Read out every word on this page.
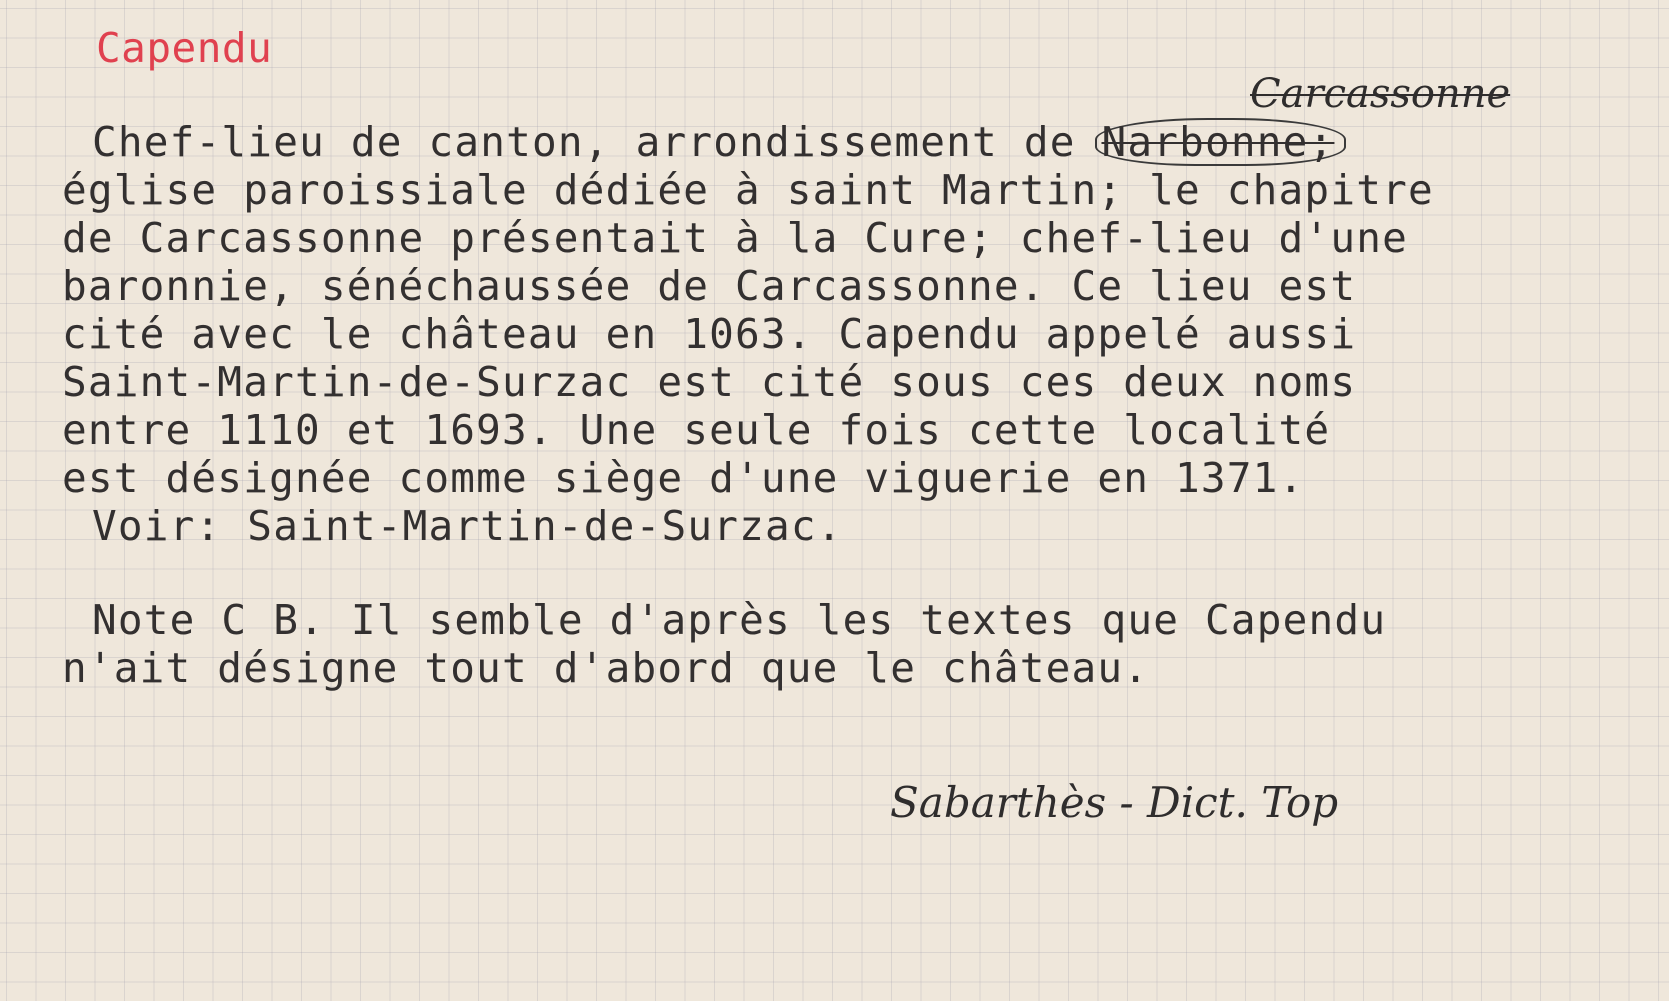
Capendu
Carcassonne
Chef-lieu de canton, arrondissement de Narbonne;
église paroissiale dédiée à saint Martin; le chapitre
de Carcassonne présentait à la Cure; chef-lieu d'une
baronnie, sénéchaussée de Carcassonne. Ce lieu est
cité avec le château en 1063. Capendu appelé aussi
Saint-Martin-de-Surzac est cité sous ces deux noms
entre 1110 et 1693. Une seule fois cette localité
est désignée comme siège d'une viguerie en 1371.
Voir: Saint-Martin-de-Surzac.
Note C B. Il semble d'après les textes que Capendu
n'ait désigne tout d'abord que le château.
Sabarthès - Dict. Top
